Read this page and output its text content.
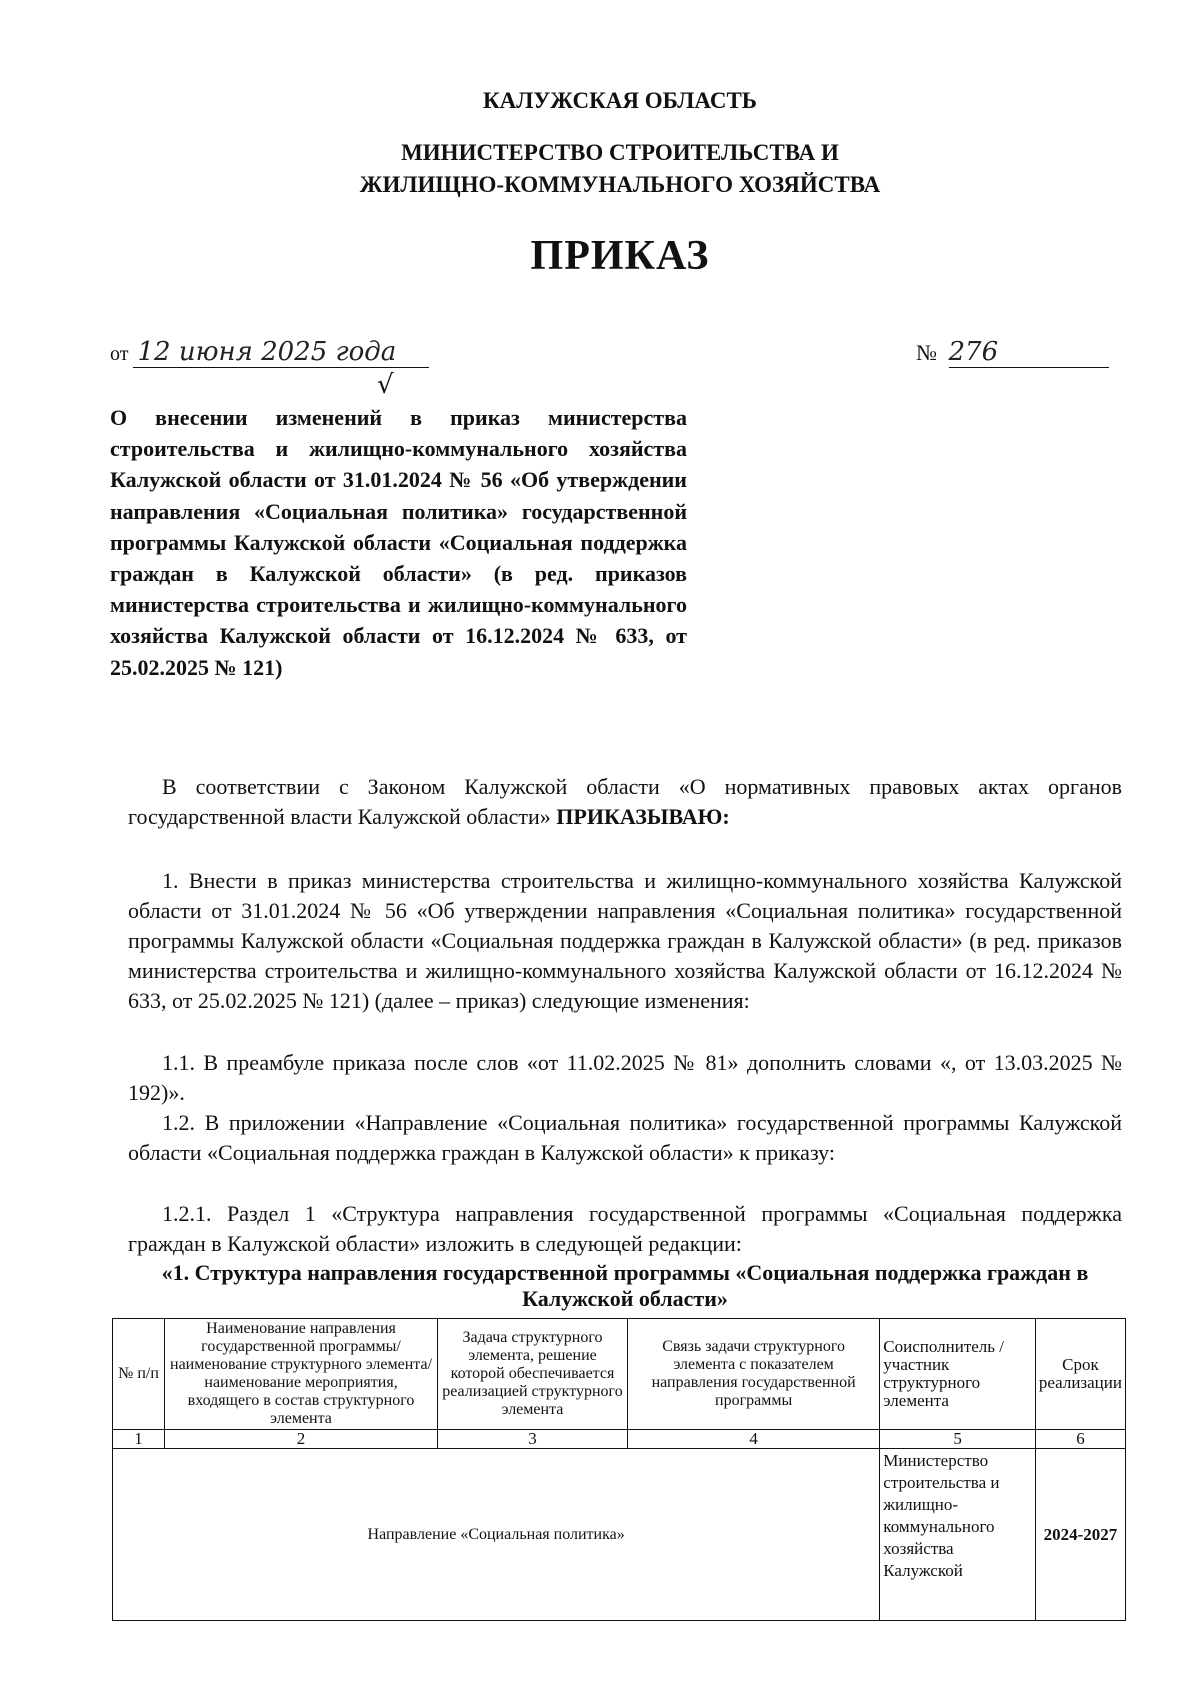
КАЛУЖСКАЯ ОБЛАСТЬ
МИНИСТЕРСТВО СТРОИТЕЛЬСТВА И
ЖИЛИЩНО-КОММУНАЛЬНОГО ХОЗЯЙСТВА
ПРИКАЗ
от 12 июня 2025 года
√
№ 276
О внесении изменений в приказ министерства строительства и жилищно-коммунального хозяйства Калужской области от 31.01.2024 № 56 «Об утверждении направления «Социальная политика» государственной программы Калужской области «Социальная поддержка граждан в Калужской области» (в ред. приказов министерства строительства и жилищно-коммунального хозяйства Калужской области от 16.12.2024 № 633, от 25.02.2025 № 121)
В соответствии с Законом Калужской области «О нормативных правовых актах органов государственной власти Калужской области» ПРИКАЗЫВАЮ:
1. Внести в приказ министерства строительства и жилищно-коммунального хозяйства Калужской области от 31.01.2024 № 56 «Об утверждении направления «Социальная политика» государственной программы Калужской области «Социальная поддержка граждан в Калужской области» (в ред. приказов министерства строительства и жилищно-коммунального хозяйства Калужской области от 16.12.2024 № 633, от 25.02.2025 № 121) (далее – приказ) следующие изменения:
1.1. В преамбуле приказа после слов «от 11.02.2025 № 81» дополнить словами «, от 13.03.2025 № 192)».
1.2. В приложении «Направление «Социальная политика» государственной программы Калужской области «Социальная поддержка граждан в Калужской области» к приказу:
1.2.1. Раздел 1 «Структура направления государственной программы «Социальная поддержка граждан в Калужской области» изложить в следующей редакции:
«1. Структура направления государственной программы «Социальная поддержка граждан в Калужской области»
№ п/п	Наименование направления государственной программы/наименование структурного элемента/наименование мероприятия, входящего в состав структурного элемента	Задача структурного элемента, решение которой обеспечивается реализацией структурного элемента	Связь задачи структурного элемента с показателем направления государственной программы	Соисполнитель /участник структурного элемента	Срок реализации
1	2	3	4	5	6
Направление «Социальная политика»				Министерство строительства и жилищно-коммунального хозяйства Калужской	2024-2027
